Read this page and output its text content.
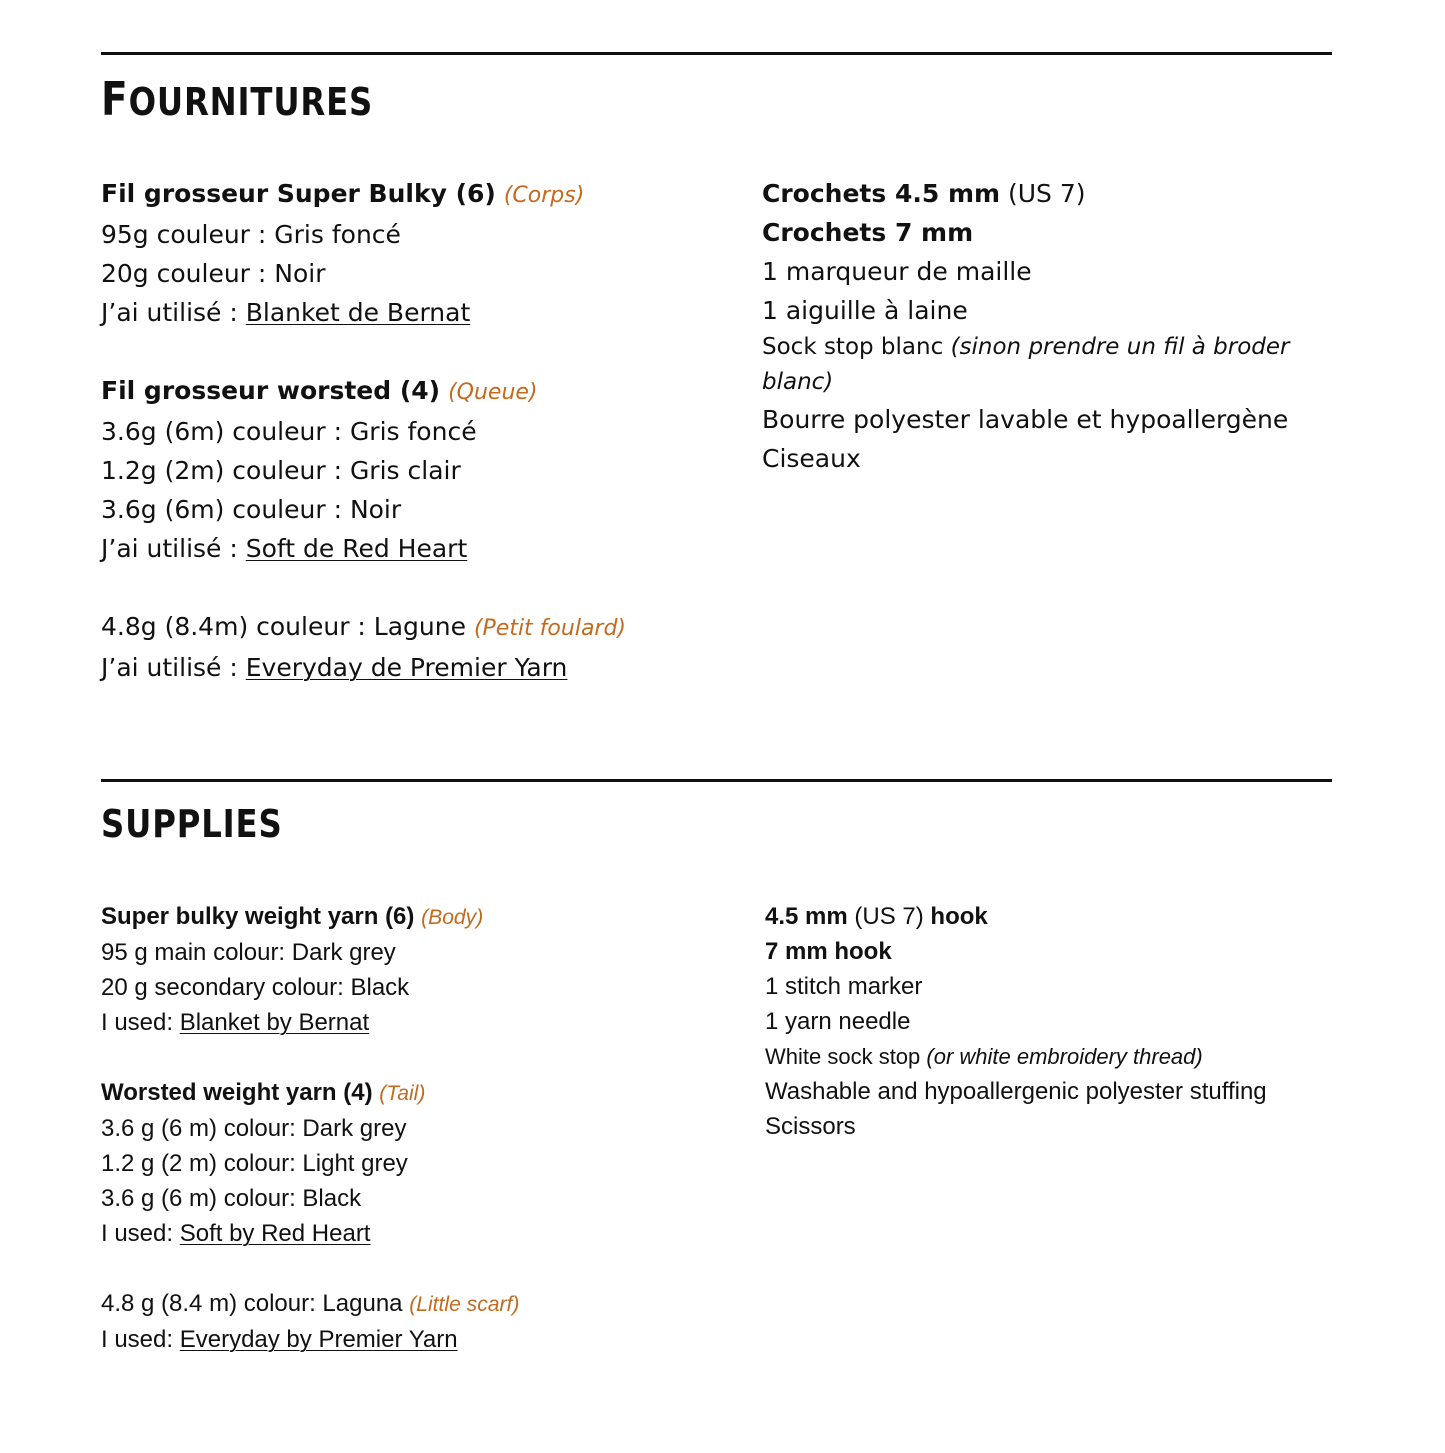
FOURNITURES
Fil grosseur Super Bulky (6) (Corps)
95g couleur : Gris foncé
20g couleur : Noir
J’ai utilisé : Blanket de Bernat
Fil grosseur worsted (4) (Queue)
3.6g (6m) couleur : Gris foncé
1.2g (2m) couleur : Gris clair
3.6g (6m) couleur : Noir
J’ai utilisé : Soft de Red Heart
4.8g (8.4m) couleur : Lagune (Petit foulard)
J’ai utilisé : Everyday de Premier Yarn
Crochets 4.5 mm (US 7)
Crochets 7 mm
1 marqueur de maille
1 aiguille à laine
Sock stop blanc (sinon prendre un fil à broder blanc)
Bourre polyester lavable et hypoallergène
Ciseaux
SUPPLIES
Super bulky weight yarn (6) (Body)
95 g main colour: Dark grey
20 g secondary colour: Black
I used: Blanket by Bernat
Worsted weight yarn (4) (Tail)
3.6 g (6 m) colour: Dark grey
1.2 g (2 m) colour: Light grey
3.6 g (6 m) colour: Black
I used: Soft by Red Heart
4.8 g (8.4 m) colour: Laguna (Little scarf)
I used: Everyday by Premier Yarn
4.5 mm (US 7) hook
7 mm hook
1 stitch marker
1 yarn needle
White sock stop (or white embroidery thread)
Washable and hypoallergenic polyester stuffing
Scissors
